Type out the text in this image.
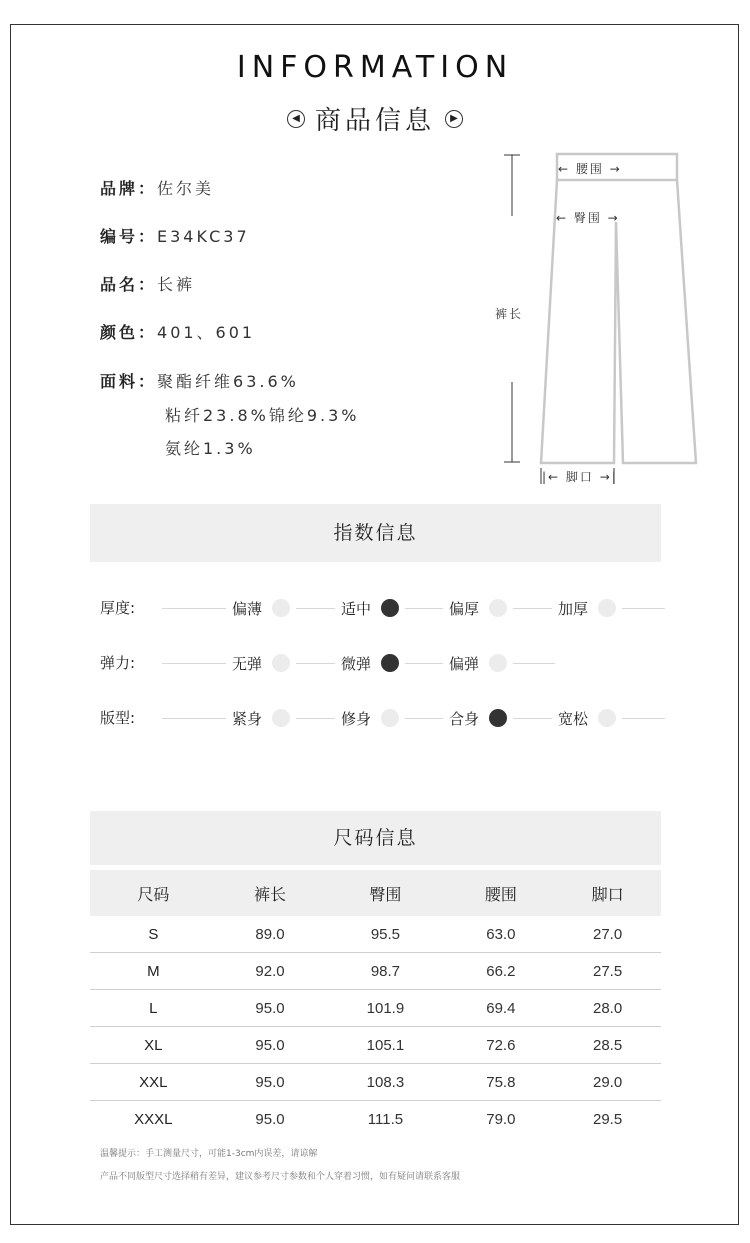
INFORMATION
◀ 商品信息 ▶
品牌：佐尔美
编号：E34KC37
品名：长裤
颜色：401、601
面料：聚酯纤维63.6%
粘纤23.8%锦纶9.3%
氨纶1.3%
← 腰围 →
← 臀围 →
裤长
|← 脚口 →|
指数信息
厚度:	偏薄	适中	偏厚	加厚
弹力:	无弹	微弹	偏弹
版型:	紧身	修身	合身	宽松
尺码信息
尺码	裤长	臀围	腰围	脚口
S	89.0	95.5	63.0	27.0
M	92.0	98.7	66.2	27.5
L	95.0	101.9	69.4	28.0
XL	95.0	105.1	72.6	28.5
XXL	95.0	108.3	75.8	29.0
XXXL	95.0	111.5	79.0	29.5
温馨提示：手工测量尺寸，可能1-3cm内误差，请谅解
产品不同版型尺寸选择稍有差异，建议参考尺寸参数和个人穿着习惯，如有疑问请联系客服
